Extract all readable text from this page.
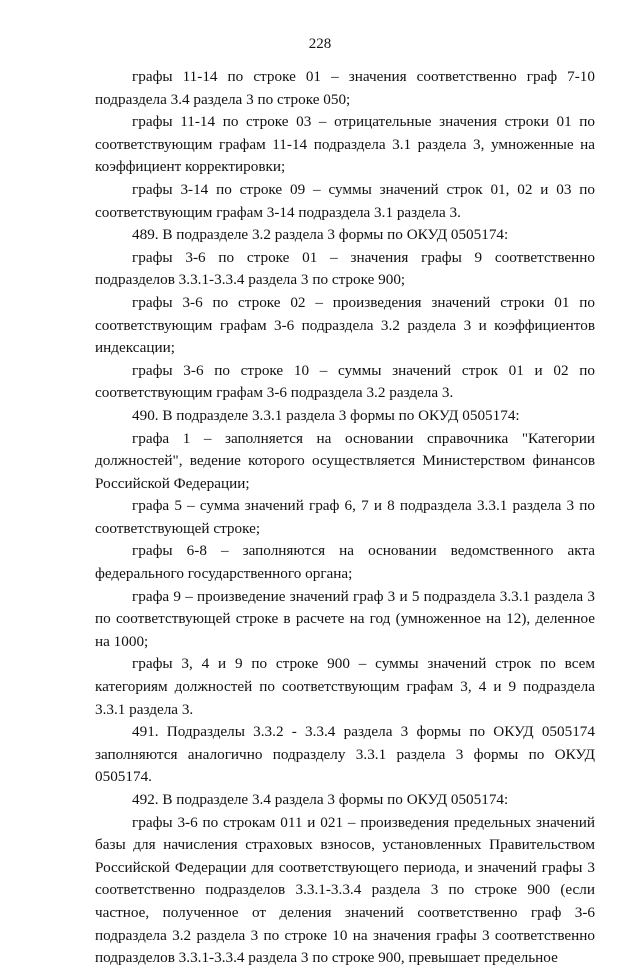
228

графы 11-14 по строке 01 – значения соответственно граф 7-10 подраздела 3.4 раздела 3 по строке 050;

графы 11-14 по строке 03 – отрицательные значения строки 01 по соответствующим графам 11-14 подраздела 3.1 раздела 3, умноженные на коэффициент корректировки;

графы 3-14 по строке 09 – суммы значений строк 01, 02 и 03 по соответствующим графам 3-14 подраздела 3.1 раздела 3.

489. В подразделе 3.2 раздела 3 формы по ОКУД 0505174:

графы 3-6 по строке 01 – значения графы 9 соответственно подразделов 3.3.1-3.3.4 раздела 3 по строке 900;

графы 3-6 по строке 02 – произведения значений строки 01 по соответствующим графам 3-6 подраздела 3.2 раздела 3 и коэффициентов индексации;

графы 3-6 по строке 10 – суммы значений строк 01 и 02 по соответствующим графам 3-6 подраздела 3.2 раздела 3.

490. В подразделе 3.3.1 раздела 3 формы по ОКУД 0505174:

графа 1 – заполняется на основании справочника "Категории должностей", ведение которого осуществляется Министерством финансов Российской Федерации;

графа 5 – сумма значений граф 6, 7 и 8 подраздела 3.3.1 раздела 3 по соответствующей строке;

графы 6-8 – заполняются на основании ведомственного акта федерального государственного органа;

графа 9 – произведение значений граф 3 и 5 подраздела 3.3.1 раздела 3 по соответствующей строке в расчете на год (умноженное на 12), деленное на 1000;

графы 3, 4 и 9 по строке 900 – суммы значений строк по всем категориям должностей по соответствующим графам 3, 4 и 9 подраздела 3.3.1 раздела 3.

491. Подразделы 3.3.2 - 3.3.4 раздела 3 формы по ОКУД 0505174 заполняются аналогично подразделу 3.3.1 раздела 3 формы по ОКУД 0505174.

492. В подразделе 3.4 раздела 3 формы по ОКУД 0505174:

графы 3-6 по строкам 011 и 021 – произведения предельных значений базы для начисления страховых взносов, установленных Правительством Российской Федерации для соответствующего периода, и значений графы 3 соответственно подразделов 3.3.1-3.3.4 раздела 3 по строке 900 (если частное, полученное от деления значений соответственно граф 3-6 подраздела 3.2 раздела 3 по строке 10 на значения графы 3 соответственно подразделов 3.3.1-3.3.4 раздела 3 по строке 900, превышает предельное
